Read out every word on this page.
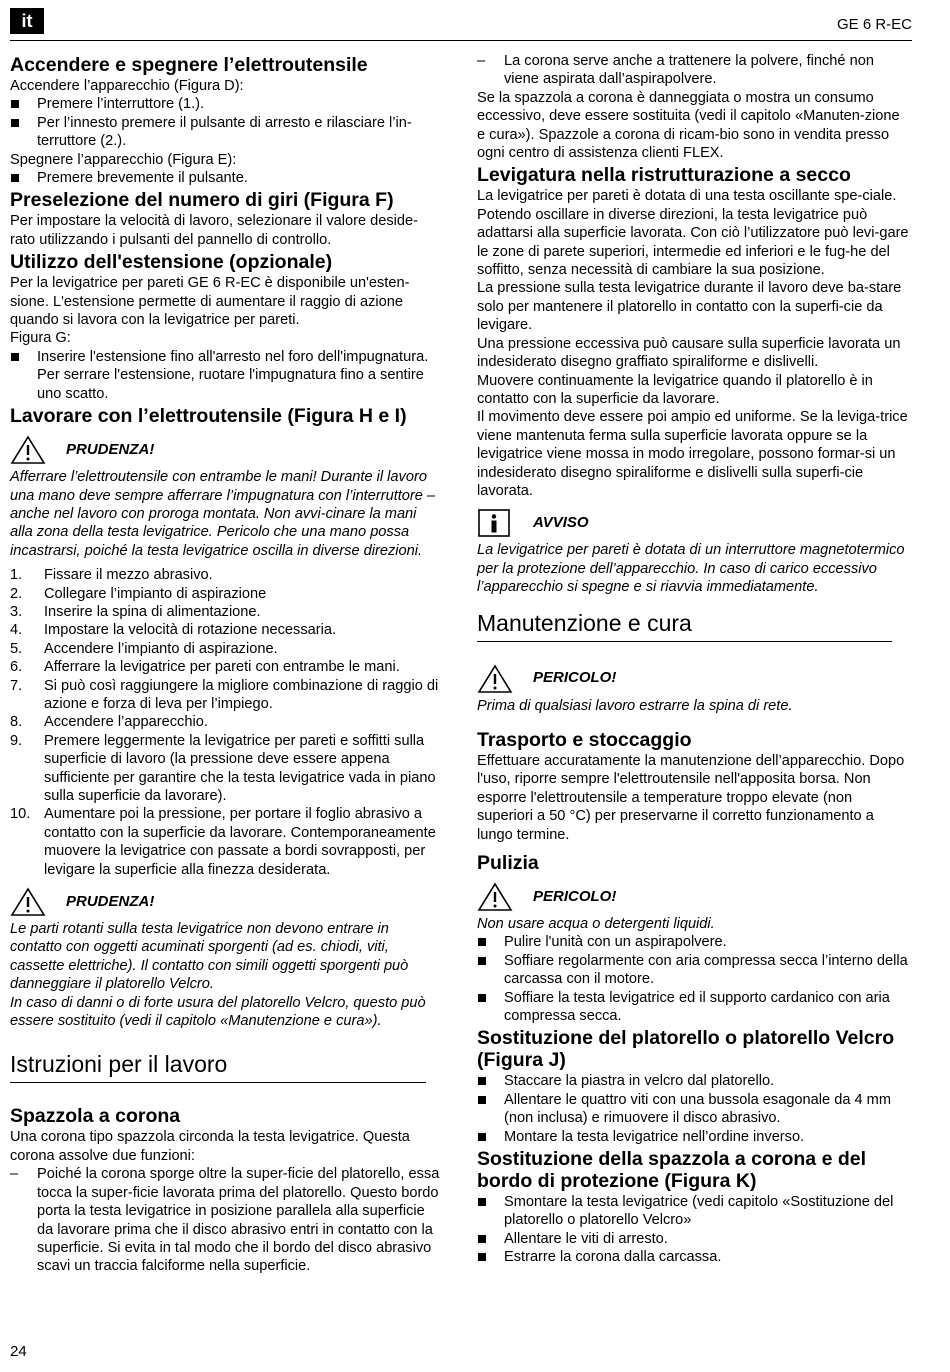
it	GE 6 R-EC
24
Accendere e spegnere l’elettroutensile

Accendere l’apparecchio (Figura D):

Premere l’interruttore (1.).
Per l’innesto premere il pulsante di arresto e rilasciare l’in-terruttore (2.).

Spegnere l’apparecchio (Figura E):

Premere brevemente il pulsante.
Preselezione del numero di giri (Figura F)

Per impostare la velocità di lavoro, selezionare il valore deside-rato utilizzando i pulsanti del pannello di controllo.

Utilizzo dell'estensione (opzionale)

Per la levigatrice per pareti GE 6 R-EC è disponibile un'esten-sione. L'estensione permette di aumentare il raggio di azione quando si lavora con la levigatrice per pareti.

Figura G:

Inserire l'estensione fino all'arresto nel foro dell'impugnatura. Per serrare l'estensione, ruotare l'impugnatura fino a sentire uno scatto.
Lavorare con l’elettroutensile (Figura H e I)
PRUDENZA!

Afferrare l’elettroutensile con entrambe le mani! Durante il lavoro una mano deve sempre afferrare l’impugnatura con l’interruttore – anche nel lavoro con proroga montata. Non avvi-cinare la mani alla zona della testa levigatrice. Pericolo che una mano possa incastrarsi, poiché la testa levigatrice oscilla in diverse direzioni.

1. Fissare il mezzo abrasivo.
2. Collegare l’impianto di aspirazione
3. Inserire la spina di alimentazione.
4. Impostare la velocità di rotazione necessaria.
5. Accendere l’impianto di aspirazione.
6. Afferrare la levigatrice per pareti con entrambe le mani.
7. Si può così raggiungere la migliore combinazione di raggio di azione e forza di leva per l’impiego.
8. Accendere l’apparecchio.
9. Premere leggermente la levigatrice per pareti e soffitti sulla superficie di lavoro (la pressione deve essere appena sufficiente per garantire che la testa levigatrice vada in piano sulla superficie da lavorare).
10. Aumentare poi la pressione, per portare il foglio abrasivo a contatto con la superficie da lavorare. Contemporaneamente muovere la levigatrice con passate a bordi sovrapposti, per levigare la superficie alla finezza desiderata.
PRUDENZA!

Le parti rotanti sulla testa levigatrice non devono entrare in contatto con oggetti acuminati sporgenti (ad es. chiodi, viti, cassette elettriche). Il contatto con simili oggetti sporgenti può danneggiare il platorello Velcro.

In caso di danni o di forte usura del platorello Velcro, questo può essere sostituito (vedi il capitolo «Manutenzione e cura»).

Istruzioni per il lavoro
Spazzola a corona

Una corona tipo spazzola circonda la testa levigatrice. Questa corona assolve due funzioni:

– Poiché la corona sporge oltre la super-ficie del platorello, essa tocca la super-ficie lavorata prima del platorello. Questo bordo porta la testa levigatrice in posizione parallela alla superficie da lavorare prima che il disco abrasivo entri in contatto con la superficie. Si evita in tal modo che il bordo del disco abrasivo scavi un traccia falciforme nella superficie.
– La corona serve anche a trattenere la polvere, finché non viene aspirata dall’aspirapolvere.

Se la spazzola a corona è danneggiata o mostra un consumo eccessivo, deve essere sostituita (vedi il capitolo «Manuten-zione e cura»). Spazzole a corona di ricam-bio sono in vendita presso ogni centro di assistenza clienti FLEX.

Levigatura nella ristrutturazione a secco

La levigatrice per pareti è dotata di una testa oscillante spe-ciale.

Potendo oscillare in diverse direzioni, la testa levigatrice può adattarsi alla superficie lavorata. Con ciò l’utilizzatore può levi-gare le zone di parete superiori, intermedie ed inferiori e le fug-he del soffitto, senza necessità di cambiare la sua posizione.

La pressione sulla testa levigatrice durante il lavoro deve ba-stare solo per mantenere il platorello in contatto con la superfi-cie da levigare.

Una pressione eccessiva può causare sulla superficie lavorata un indesiderato disegno graffiato spiraliforme e dislivelli.

Muovere continuamente la levigatrice quando il platorello è in contatto con la superficie da lavorare.

Il movimento deve essere poi ampio ed uniforme. Se la leviga-trice viene mantenuta ferma sulla superficie lavorata oppure se la levigatrice viene mossa in modo irregolare, possono formar-si un indesiderato disegno spiraliforme e dislivelli sulla superfi-cie lavorata.

AVVISO

La levigatrice per pareti è dotata di un interruttore magnetotermico per la protezione dell’apparecchio. In caso di carico eccessivo l’apparecchio si spegne e si riavvia immediatamente.

Manutenzione e cura
PERICOLO!

Prima di qualsiasi lavoro estrarre la spina di rete.

Trasporto e stoccaggio

Effettuare accuratamente la manutenzione dell’apparecchio. Dopo l'uso, riporre sempre l'elettroutensile nell'apposita borsa. Non esporre l'elettroutensile a temperature troppo elevate (non superiori a 50 °C) per preservarne il corretto funzionamento a lungo termine.

Pulizia
PERICOLO!

Non usare acqua o detergenti liquidi.

Pulire l'unità con un aspirapolvere.
Soffiare regolarmente con aria compressa secca l’interno della carcassa con il motore.
Soffiare la testa levigatrice ed il supporto cardanico con aria compressa secca.
Sostituzione del platorello o platorello Velcro (Figura J)
Staccare la piastra in velcro dal platorello.
Allentare le quattro viti con una bussola esagonale da 4 mm (non inclusa) e rimuovere il disco abrasivo.
Montare la testa levigatrice nell’ordine inverso.
Sostituzione della spazzola a corona e del bordo di protezione (Figura K)
Smontare la testa levigatrice (vedi capitolo «Sostituzione del platorello o platorello Velcro»
Allentare le viti di arresto.
Estrarre la corona dalla carcassa.
